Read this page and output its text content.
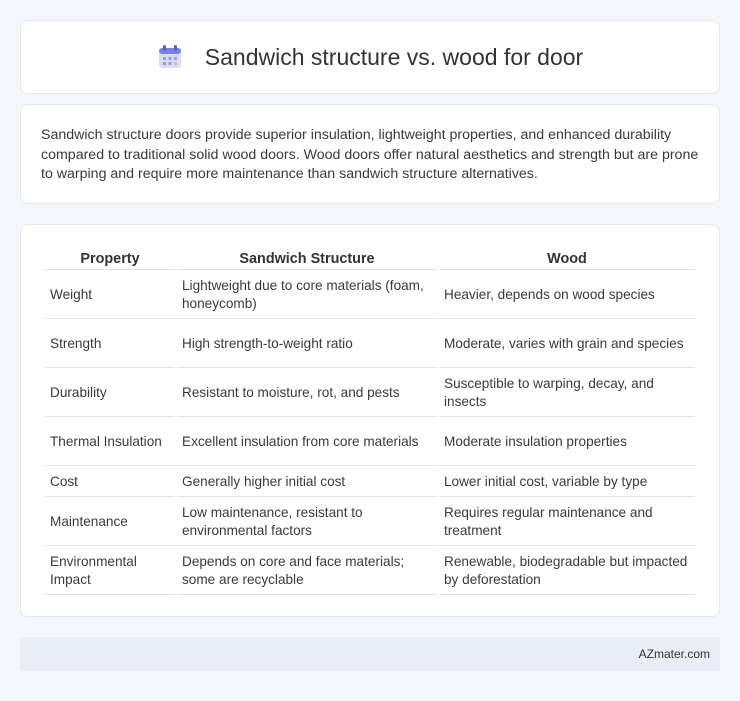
Sandwich structure vs. wood for door

Sandwich structure doors provide superior insulation, lightweight properties, and enhanced durability compared to traditional solid wood doors. Wood doors offer natural aesthetics and strength but are prone to warping and require more maintenance than sandwich structure alternatives.

Property	Sandwich Structure	Wood
Weight	Lightweight due to core materials (foam, honeycomb)	Heavier, depends on wood species
Strength	High strength-to-weight ratio	Moderate, varies with grain and species
Durability	Resistant to moisture, rot, and pests	Susceptible to warping, decay, and insects
Thermal Insulation	Excellent insulation from core materials	Moderate insulation properties
Cost	Generally higher initial cost	Lower initial cost, variable by type
Maintenance	Low maintenance, resistant to environmental factors	Requires regular maintenance and treatment
Environmental Impact	Depends on core and face materials; some are recyclable	Renewable, biodegradable but impacted by deforestation
AZmater.com
